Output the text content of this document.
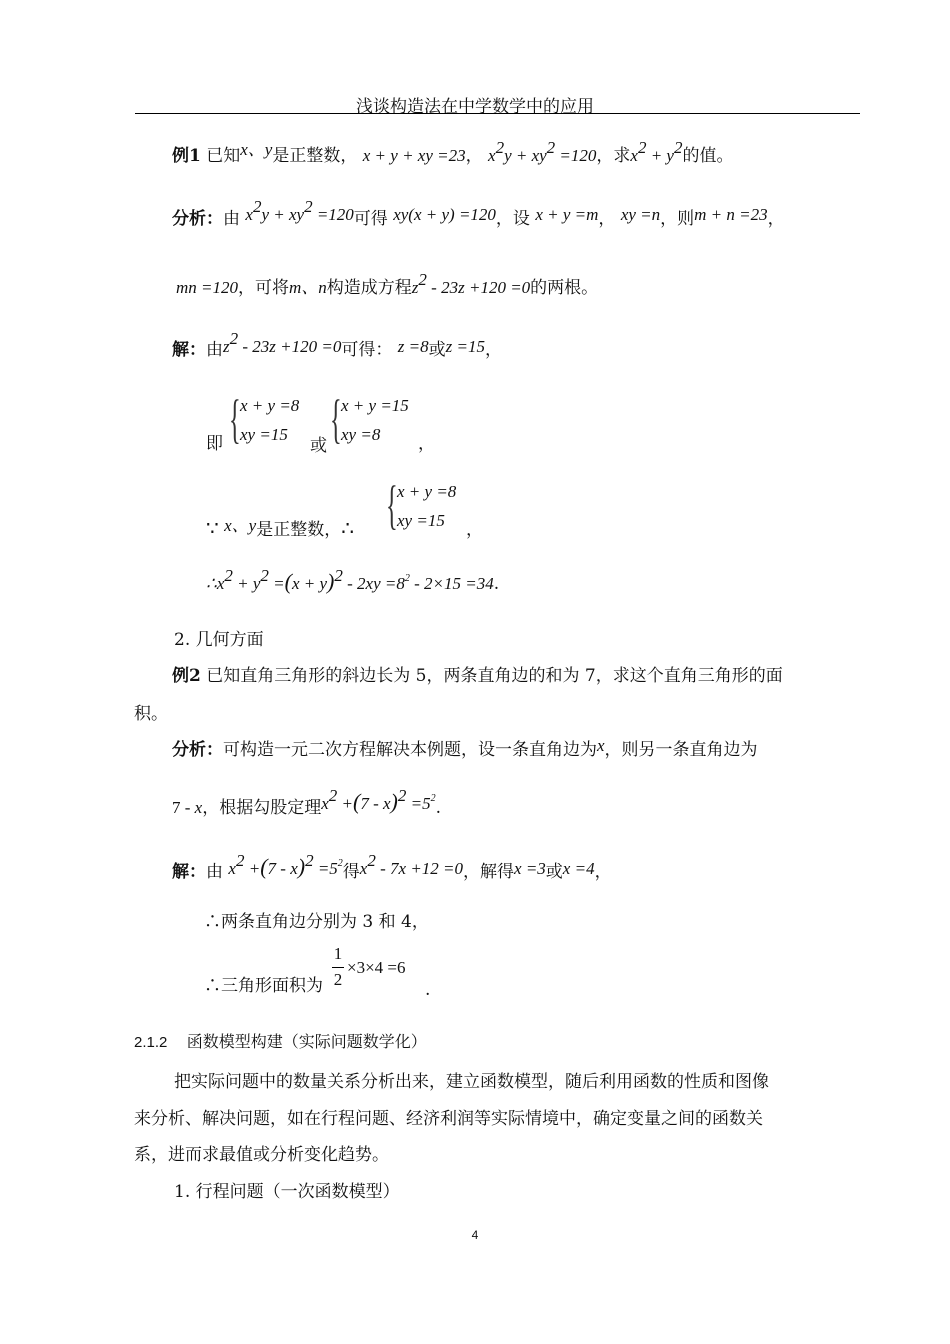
浅谈构造法在中学数学中的应用
例1 已知x、y是正整数， x + y + xy =23， $x^2y + xy^2 =120$，求$x^2 + y^2$的值。
分析：由 $x^2y + xy^2 =120$可得 xy(x + y) =120，设 x + y =m， xy =n，则m + n =23，
mn =120，可将m、n构造成方程$z^2 - 23z +120 =0$的两根。
解：由$z^2 - 23z +120 =0$可得： z =8或z =15，
即 { x + y =8
xy =15
或 { x + y =15
xy =8 ，
∵ x、y是正整数，∴ { x + y =8
xy =15 ，
$\therefore x^2 + y^2 =(x + y)^2 - 2xy =8^2 - 2\times 15 =34$.
2. 几何方面
例2 已知直角三角形的斜边长为 5，两条直角边的和为 7，求这个直角三角形的面
积。
分析：可构造一元二次方程解决本例题，设一条直角边为x，则另一条直角边为
7 - x，根据勾股定理$x^2 +(7 - x)^2 =5^2$.
解：由 $x^2 +(7 - x)^2 =5^2$得$x^2 - 7x +12 =0$，解得x =3或x =4，
∴两条直角边分别为 3 和 4，
∴三角形面积为
1
2
×3×4 =6
.
2.1.2 函数模型构建（实际问题数学化）
把实际问题中的数量关系分析出来，建立函数模型，随后利用函数的性质和图像
来分析、解决问题，如在行程问题、经济利润等实际情境中，确定变量之间的函数关
系，进而求最值或分析变化趋势。
1. 行程问题（一次函数模型）
4
